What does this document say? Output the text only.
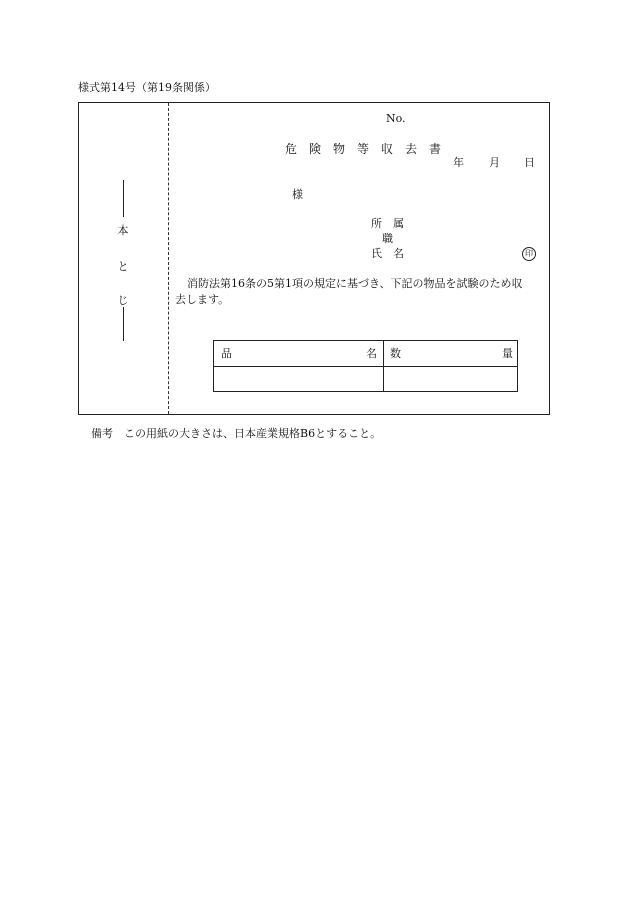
様式第14号（第19条関係）
本
と
じ
No.
危　険　物　等　収　去　書
年 月 日
様
所　属
職
氏　名	印
消防法第16条の5第1項の規定に基づき、下記の物品を試験のため収
去します。
品	名 数	量
備考　この用紙の大きさは、日本産業規格B6とすること。
